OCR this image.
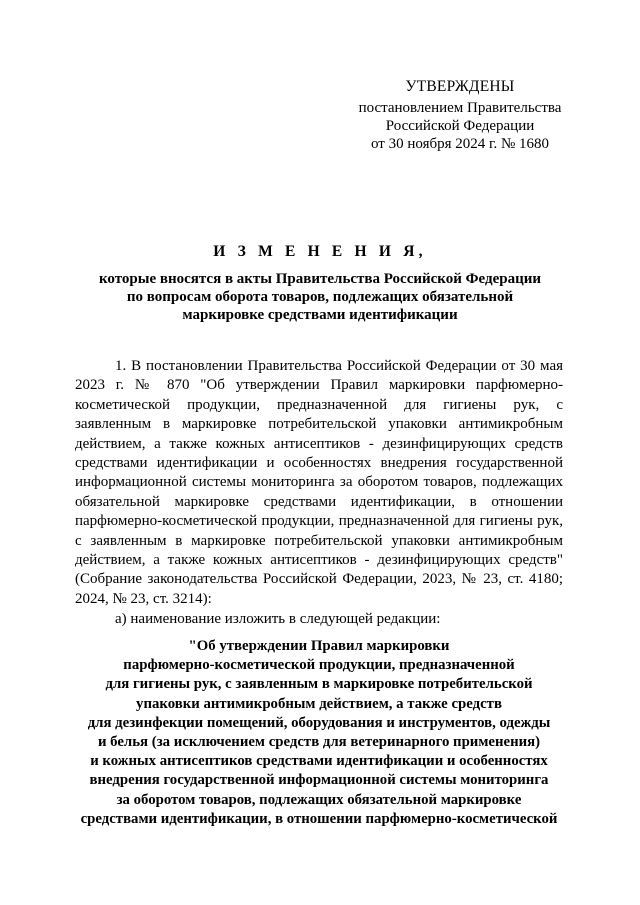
УТВЕРЖДЕНЫ
постановлением Правительства
Российской Федерации
от 30 ноября 2024 г. № 1680
И З М Е Н Е Н И Я,
которые вносятся в акты Правительства Российской Федерации
по вопросам оборота товаров, подлежащих обязательной
маркировке средствами идентификации

1. В постановлении Правительства Российской Федерации от 30 мая 2023 г. № 870 "Об утверждении Правил маркировки парфюмерно-косметической продукции, предназначенной для гигиены рук, с заявленным в маркировке потребительской упаковки антимикробным действием, а также кожных антисептиков - дезинфицирующих средств средствами идентификации и особенностях внедрения государственной информационной системы мониторинга за оборотом товаров, подлежащих обязательной маркировке средствами идентификации, в отношении парфюмерно-косметической продукции, предназначенной для гигиены рук, с заявленным в маркировке потребительской упаковки антимикробным действием, а также кожных антисептиков - дезинфицирующих средств" (Собрание законодательства Российской Федерации, 2023, № 23, ст. 4180; 2024, № 23, ст. 3214):

а) наименование изложить в следующей редакции:

"Об утверждении Правил маркировки
парфюмерно-косметической продукции, предназначенной
для гигиены рук, с заявленным в маркировке потребительской
упаковки антимикробным действием, а также средств
для дезинфекции помещений, оборудования и инструментов, одежды
и белья (за исключением средств для ветеринарного применения)
и кожных антисептиков средствами идентификации и особенностях
внедрения государственной информационной системы мониторинга
за оборотом товаров, подлежащих обязательной маркировке
средствами идентификации, в отношении парфюмерно-косметической
